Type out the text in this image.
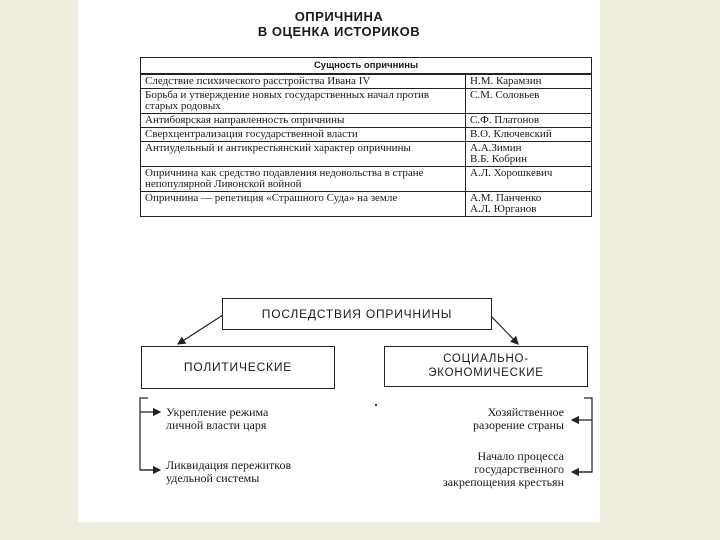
ОПРИЧНИНА
В ОЦЕНКА ИСТОРИКОВ
Сущность опричнины	
Следствие психического расстройства Ивана IV	Н.М. Карамзин
Борьба и утверждение новых государственных начал против старых родовых	С.М. Соловьев
Антибоярская направленность опричнины	С.Ф. Платонов
Сверхцентрализация государственной власти	В.О. Ключевский
Антиудельный и антикрестьянский характер опричнины	А.А.Зимин
В.Б. Кобрин

Опричнина как средство подавления недовольства в стране непопулярной Ливонской войной	А.Л. Хорошкевич
Опричнина — репетиция «Страшного Суда» на земле	А.М. Панченко
А.Л. Юрганов
ПОСЛЕДСТВИЯ ОПРИЧНИНЫ
ПОЛИТИЧЕСКИЕ
СОЦИАЛЬНО-
ЭКОНОМИЧЕСКИЕ
Укрепление режима
личной власти царя
Ликвидация пережитков
удельной системы
Хозяйственное
разорение страны
Начало процесса
государственного
закрепощения крестьян
